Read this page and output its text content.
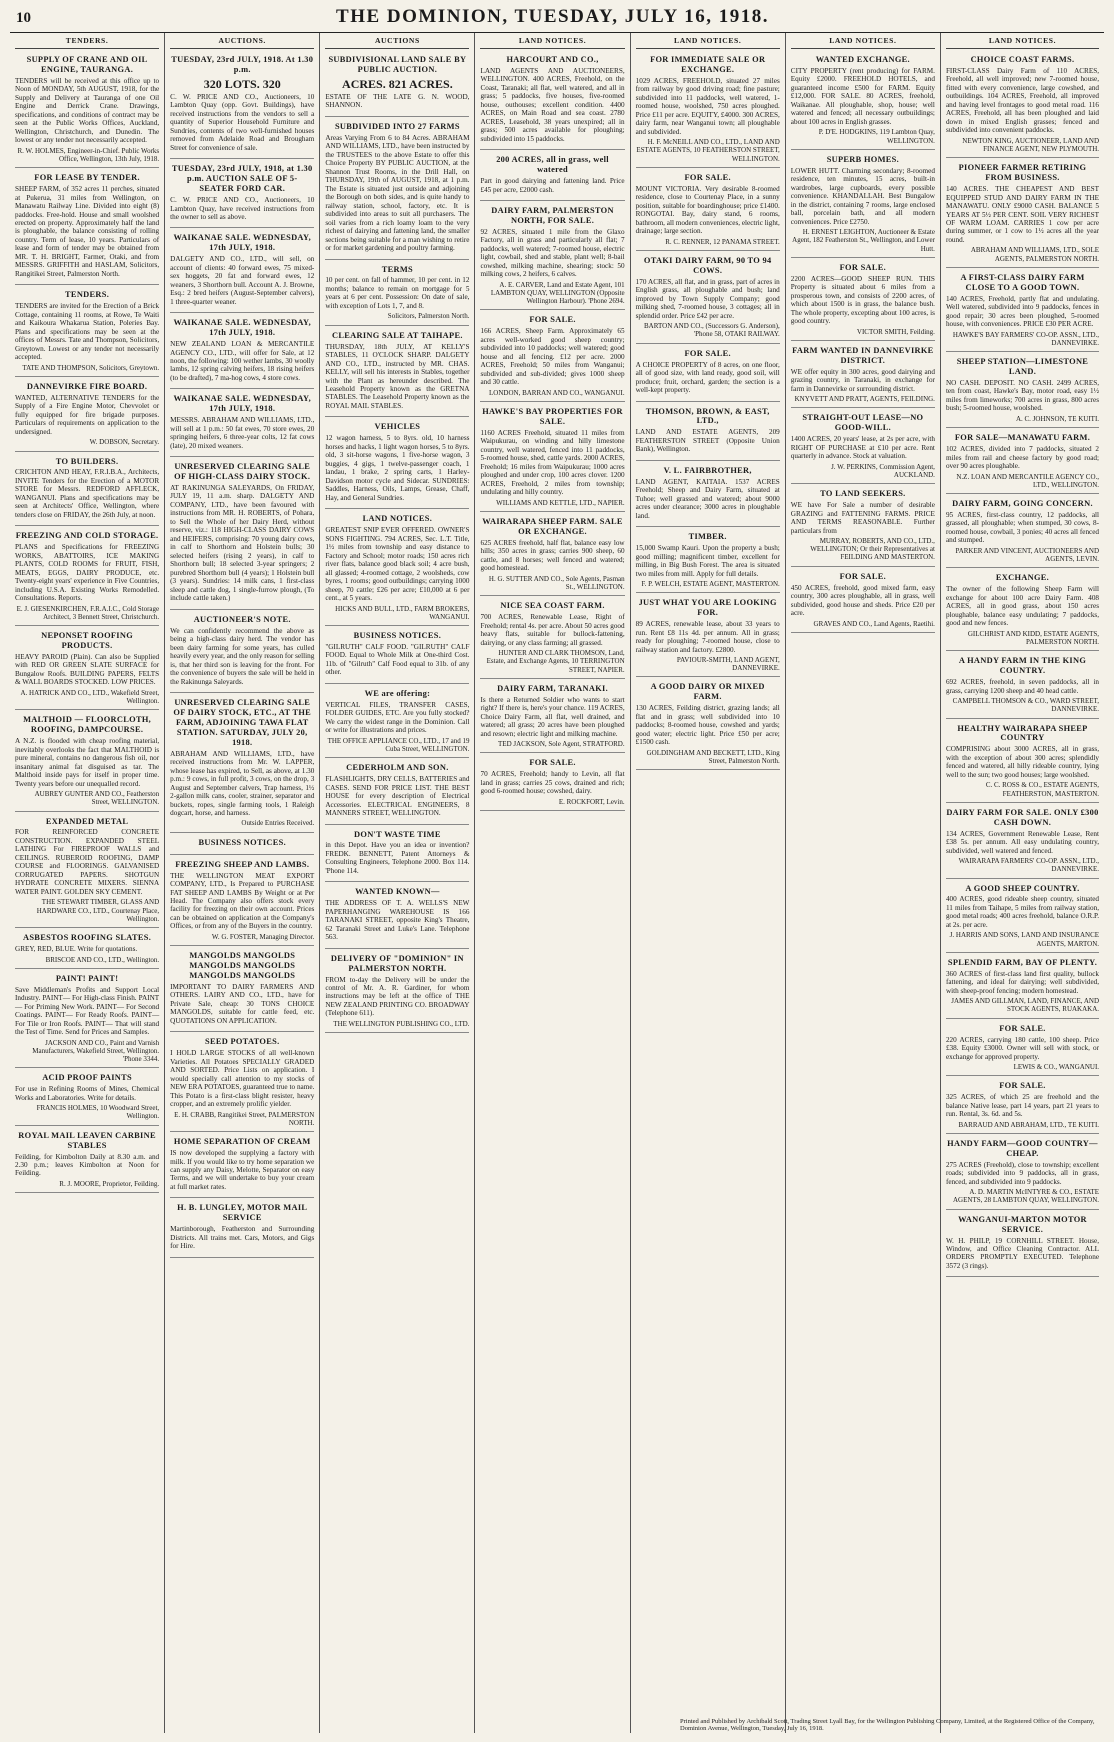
10	THE DOMINION, TUESDAY, JULY 16, 1918.
TENDERS.
SUPPLY OF CRANE AND OIL ENGINE, TAURANGA.

TENDERS will be received at this office up to Noon of MONDAY, 5th AUGUST, 1918, for the Supply and Delivery at Tauranga of one Oil Engine and Derrick Crane. Drawings, specifications, and conditions of contract may be seen at the Public Works Offices, Auckland, Wellington, Christchurch, and Dunedin. The lowest or any tender not necessarily accepted.

R. W. HOLMES, Engineer-in-Chief. Public Works Office, Wellington, 13th July, 1918.
FOR LEASE BY TENDER.

SHEEP FARM, of 352 acres 11 perches, situated at Pukerua, 31 miles from Wellington, on Manawatu Railway Line. Divided into eight (8) paddocks. Free-hold. House and small woolshed erected on property. Approximately half the land is ploughable, the balance consisting of rolling country. Term of lease, 10 years. Particulars of lease and form of tender may be obtained from MR. T. H. BRIGHT, Farmer, Otaki, and from MESSRS. GRIFFITH and HASLAM, Solicitors, Rangitikei Street, Palmerston North.

TENDERS.

TENDERS are invited for the Erection of a Brick Cottage, containing 11 rooms, at Rowe, Te Waiti and Kaikoura Whakarua Station, Poleries Bay. Plans and specifications may be seen at the offices of Messrs. Tate and Thompson, Solicitors, Greytown. Lowest or any tender not necessarily accepted.

TATE AND THOMPSON, Solicitors, Greytown.
DANNEVIRKE FIRE BOARD.

WANTED, ALTERNATIVE TENDERS for the Supply of a Fire Engine Motor, Chevvolet or fully equipped for fire brigade purposes. Particulars of requirements on application to the undersigned.

W. DOBSON, Secretary.
TO BUILDERS.

CRICHTON AND HEAY, F.R.I.B.A., Architects, INVITE Tenders for the Erection of a MOTOR STORE for Messrs. REDFORD AFFLECK, WANGANUI. Plans and specifications may be seen at Architects' Office, Wellington, where tenders close on FRIDAY, the 26th July, at noon.

FREEZING AND COLD STORAGE.

PLANS and Specifications for FREEZING WORKS, ABATTOIRS, ICE MAKING PLANTS, COLD ROOMS for FRUIT, FISH, MEATS, EGGS, DAIRY PRODUCE, etc. Twenty-eight years' experience in Five Countries, including U.S.A. Existing Works Remodelled. Consultations. Reports.

E. J. GIESENKIRCHEN, F.R.A.I.C., Cold Storage Architect, 3 Bennett Street, Christchurch.
NEPONSET ROOFING PRODUCTS.

HEAVY PAROID (Plain). Can also be Supplied with RED OR GREEN SLATE SURFACE for Bungalow Roofs. BUILDING PAPERS, FELTS & WALL BOARDS STOCKED. LOW PRICES.

A. HATRICK AND CO., LTD., Wakefield Street, Wellington.
MALTHOID — FLOORCLOTH, ROOFING, DAMPCOURSE.

A N.Z. is flooded with cheap roofing material, inevitably overlooks the fact that MALTHOID is pure mineral, contains no dangerous fish oil, nor insanitary animal fat disguised as tar. The Malthoid inside pays for itself in proper time. Twenty years before our unequalled record.

AUBREY GUNTER AND CO., Featherston Street, WELLINGTON.
EXPANDED METAL

FOR REINFORCED CONCRETE CONSTRUCTION. EXPANDED STEEL LATHING For FIREPROOF WALLS and CEILINGS. RUBEROID ROOFING, DAMP COURSE and FLOORINGS. GALVANISED CORRUGATED PAPERS. SHOTGUN HYDRATE CONCRETE MIXERS. SIENNA WATER PAINT. GOLDEN SKY CEMENT.

THE STEWART TIMBER, GLASS AND HARDWARE CO., LTD., Courtenay Place, Wellington.
ASBESTOS ROOFING SLATES.

GREY, RED, BLUE. Write for quotations.

BRISCOE AND CO., LTD., Wellington.
PAINT! PAINT!

Save Middleman's Profits and Support Local Industry. PAINT— For High-class Finish. PAINT— For Priming New Work. PAINT— For Second Coatings. PAINT— For Ready Roofs. PAINT— For Tile or Iron Roofs. PAINT— That will stand the Test of Time. Send for Prices and Samples.

JACKSON AND CO., Paint and Varnish Manufacturers, Wakefield Street, Wellington. 'Phone 3344.
ACID PROOF PAINTS

For use in Refining Rooms of Mines, Chemical Works and Laboratories. Write for details.

FRANCIS HOLMES, 10 Woodward Street, Wellington.
ROYAL MAIL LEAVEN CARBINE STABLES

Feilding, for Kimbolton Daily at 8.30 a.m. and 2.30 p.m.; leaves Kimbolton at Noon for Feilding.

R. J. MOORE, Proprietor, Feilding.
AUCTIONS.
TUESDAY, 23rd JULY, 1918. At 1.30 p.m.
320 LOTS. 320

C. W. PRICE AND CO., Auctioneers, 10 Lambton Quay (opp. Govt. Buildings), have received instructions from the vendors to sell a quantity of Superior Household Furniture and Sundries, contents of two well-furnished houses removed from Adelaide Road and Brougham Street for convenience of sale.

TUESDAY, 23rd JULY, 1918, at 1.30 p.m. AUCTION SALE OF 5-SEATER FORD CAR.

C. W. PRICE AND CO., Auctioneers, 10 Lambton Quay, have received instructions from the owner to sell as above.

WAIKANAE SALE. WEDNESDAY, 17th JULY, 1918.

DALGETY AND CO., LTD., will sell, on account of clients: 40 forward ewes, 75 mixed-sex hoggets, 20 fat and forward ewes, 12 weaners, 3 Shorthorn bull. Account A. J. Browne, Esq.: 2 bred heifers (August-September calvers), 1 three-quarter weaner.

WAIKANAE SALE. WEDNESDAY, 17th JULY, 1918.

NEW ZEALAND LOAN & MERCANTILE AGENCY CO., LTD., will offer for Sale, at 12 noon, the following: 100 wether lambs, 30 woolly lambs, 12 spring calving heifers, 18 rising heifers (to be drafted), 7 ma-hog cows, 4 store cows.

WAIKANAE SALE. WEDNESDAY, 17th JULY, 1918.

MESSRS. ABRAHAM AND WILLIAMS, LTD., will sell at 1 p.m.: 50 fat ewes, 70 store ewes, 20 springing heifers, 6 three-year colts, 12 fat cows (late), 20 mixed weaners.

UNRESERVED CLEARING SALE OF HIGH-CLASS DAIRY STOCK.

AT RAKINUNGA SALEYARDS, On FRIDAY, JULY 19, 11 a.m. sharp. DALGETY AND COMPANY, LTD., have been favoured with instructions from MR. H. ROBERTS, of Pohara, to Sell the Whole of her Dairy Herd, without reserve, viz.: 118 HIGH-CLASS DAIRY COWS and HEIFERS, comprising: 70 young dairy cows, in calf to Shorthorn and Holstein bulls; 30 selected heifers (rising 2 years), in calf to Shorthorn bull; 18 selected 3-year springers; 2 purebred Shorthorn bull (4 years); 1 Holstein bull (3 years). Sundries: 14 milk cans, 1 first-class sleep and cattle dog, 1 single-furrow plough, (To include cattle taken.)

AUCTIONEER'S NOTE.

We can confidently recommend the above as being a high-class dairy herd. The vendor has been dairy farming for some years, has culled heavily every year, and the only reason for selling is, that her third son is leaving for the front. For the convenience of buyers the sale will be held in the Rakinunga Saleyards.

UNRESERVED CLEARING SALE OF DAIRY STOCK, ETC., AT THE FARM, ADJOINING TAWA FLAT STATION. SATURDAY, JULY 20, 1918.

ABRAHAM AND WILLIAMS, LTD., have received instructions from Mr. W. LAPPER, whose lease has expired, to Sell, as above, at 1.30 p.m.: 9 cows, in full profit, 3 cows, on the drop, 3 August and September calvers, Trap harness, 1½ 2-gallon milk cans, cooler, strainer, separator and buckets, ropes, single farming tools, 1 Raleigh dogcart, horse, and harness.

Outside Entries Received.
BUSINESS NOTICES.
FREEZING SHEEP AND LAMBS.

THE WELLINGTON MEAT EXPORT COMPANY, LTD., Is Prepared to PURCHASE FAT SHEEP AND LAMBS By Weight or at Per Head. The Company also offers stock every facility for freezing on their own account. Prices can be obtained on application at the Company's Offices, or from any of the Buyers in the country.

W. G. FOSTER, Managing Director.
MANGOLDS MANGOLDS MANGOLDS MANGOLDS MANGOLDS MANGOLDS

IMPORTANT TO DAIRY FARMERS AND OTHERS. LAIRY AND CO., LTD., have for Private Sale, cheap: 30 TONS CHOICE MANGOLDS, suitable for cattle feed, etc. QUOTATIONS ON APPLICATION.

SEED POTATOES.

I HOLD LARGE STOCKS of all well-known Varieties. All Potatoes SPECIALLY GRADED AND SORTED. Price Lists on application. I would specially call attention to my stocks of NEW ERA POTATOES, guaranteed true to name. This Potato is a first-class blight resister, heavy cropper, and an extremely prolific yielder.

E. H. CRABB, Rangitikei Street, PALMERSTON NORTH.
HOME SEPARATION OF CREAM

IS now developed the supplying a factory with milk. If you would like to try home separation we can supply any Daisy, Melotte, Separator on easy Terms, and we will undertake to buy your cream at full market rates.

H. B. LUNGLEY, MOTOR MAIL SERVICE

Martinborough, Featherston and Surrounding Districts. All trains met. Cars, Motors, and Gigs for Hire.

AUCTIONS
SUBDIVISIONAL LAND SALE BY PUBLIC AUCTION.
ACRES. 821 ACRES.

ESTATE OF THE LATE G. N. WOOD, SHANNON.

SUBDIVIDED INTO 27 FARMS

Areas Varying From 6 to 84 Acres. ABRAHAM AND WILLIAMS, LTD., have been instructed by the TRUSTEES to the above Estate to offer this Choice Property BY PUBLIC AUCTION, at the Shannon Trust Rooms, in the Drill Hall, on THURSDAY, 19th of AUGUST, 1918, at 1 p.m. The Estate is situated just outside and adjoining the Borough on both sides, and is quite handy to railway station, school, factory, etc. It is subdivided into areas to suit all purchasers. The soil varies from a rich loamy loam to the very richest of dairying and fattening land, the smaller sections being suitable for a man wishing to retire or for market gardening and poultry farming.

TERMS

10 per cent. on fall of hammer, 10 per cent. in 12 months; balance to remain on mortgage for 5 years at 6 per cent. Possession: On date of sale, with exception of Lots 1, 7, and 8.

Solicitors, Palmerston North.
CLEARING SALE AT TAIHAPE.

THURSDAY, 18th JULY, AT KELLY'S STABLES, 11 O'CLOCK SHARP. DALGETY AND CO., LTD., instructed by MR. CHAS. KELLY, will sell his interests in Stables, together with the Plant as hereunder described. The Leasehold Property known as the GRETNA STABLES. The Leasehold Property known as the ROYAL MAIL STABLES.

VEHICLES

12 wagon harness, 5 to 8yrs. old, 10 harness horses and hacks, 1 light wagon horses, 5 to 8yrs. old, 3 sit-horse wagons, 1 five-horse wagon, 3 buggies, 4 gigs, 1 twelve-passenger coach, 1 landau, 1 brake, 2 spring carts, 1 Harley-Davidson motor cycle and Sidecar. SUNDRIES: Saddles, Harness, Oils, Lamps, Grease, Chaff, Hay, and General Sundries.

LAND NOTICES.

GREATEST SNIP EVER OFFERED. OWNER'S SONS FIGHTING. 794 ACRES, Sec. L.T. Title, 1½ miles from township and easy distance to Factory and School; motor roads; 150 acres rich river flats, balance good black soil; 4 acre bush, all glassed; 4-roomed cottage, 2 woolsheds, cow byres, 1 rooms; good outbuildings; carrying 1000 sheep, 70 cattle; £26 per acre; £10,000 at 6 per cent., at 5 years.

HICKS AND BULL, LTD., FARM BROKERS, WANGANUI.
BUSINESS NOTICES.

"GILRUTH" CALF FOOD. "GILRUTH" CALF FOOD. Equal to Whole Milk at One-third Cost. 11b. of "Gilruth" Calf Food equal to 31b. of any other.

WE are offering:

VERTICAL FILES, TRANSFER CASES, FOLDER GUIDES, ETC. Are you fully stocked? We carry the widest range in the Dominion. Call or write for illustrations and prices.

THE OFFICE APPLIANCE CO., LTD., 17 and 19 Cuba Street, WELLINGTON.
CEDERHOLM AND SON.

FLASHLIGHTS, DRY CELLS, BATTERIES and CASES. SEND FOR PRICE LIST. THE BEST HOUSE for every description of Electrical Accessories. ELECTRICAL ENGINEERS, 8 MANNERS STREET, WELLINGTON.

DON'T WASTE TIME

in this Depot. Have you an idea or invention? FREDK. BENNETT, Patent Attorneys & Consulting Engineers, Telephone 2000. Box 114. 'Phone 114.

WANTED KNOWN—

THE ADDRESS OF T. A. WELLS'S NEW PAPERHANGING WAREHOUSE IS 166 TARANAKI STREET, opposite King's Theatre, 62 Taranaki Street and Luke's Lane. Telephone 563.

DELIVERY OF "DOMINION" IN PALMERSTON NORTH.

FROM to-day the Delivery will be under the control of Mr. A. R. Gardiner, for whom instructions may be left at the office of THE NEW ZEALAND PRINTING CO. BROADWAY (Telephone 611).

THE WELLINGTON PUBLISHING CO., LTD.
LAND NOTICES.
HARCOURT AND CO.,

LAND AGENTS AND AUCTIONEERS, WELLINGTON. 400 ACRES, Freehold, on the Coast, Taranaki; all flat, well watered, and all in grass; 5 paddocks, five houses, five-roomed house, outhouses; excellent condition. 4400 ACRES, on Main Road and sea coast. 2780 ACRES, Leasehold, 38 years unexpired; all in grass; 500 acres available for ploughing; subdivided into 15 paddocks.

200 ACRES, all in grass, well watered

Part in good dairying and fattening land. Price £45 per acre, £2000 cash.

DAIRY FARM, PALMERSTON NORTH, FOR SALE.

92 ACRES, situated 1 mile from the Glaxo Factory, all in grass and particularly all flat; 7 paddocks, well watered; 7-roomed house, electric light, cowbail, shed and stable, plant well; 8-bail cowshed, milking machine, shearing; stock: 50 milking cows, 2 heifers, 6 calves.

A. E. CARVER, Land and Estate Agent, 101 LAMBTON QUAY, WELLINGTON (Opposite Wellington Harbour). 'Phone 2694.
FOR SALE.

166 ACRES, Sheep Farm. Approximately 65 acres well-worked good sheep country; subdivided into 10 paddocks; well watered; good house and all fencing. £12 per acre. 2000 ACRES, Freehold; 50 miles from Wanganui; subdivided and sub-divided; gives 1000 sheep and 30 cattle.

LONDON, BARRAN AND CO., WANGANUI.
HAWKE'S BAY PROPERTIES FOR SALE.

1160 ACRES Freehold, situated 11 miles from Waipukurau, on winding and hilly limestone country, well watered, fenced into 11 paddocks, 5-roomed house, shed, cattle yards. 2000 ACRES, Freehold; 16 miles from Waipukurau; 1000 acres ploughed and under crop, 100 acres clover. 1200 ACRES, Freehold, 2 miles from township; undulating and hilly country.

WILLIAMS AND KETTLE, LTD., NAPIER.
WAIRARAPA SHEEP FARM. SALE OR EXCHANGE.

625 ACRES freehold, half flat, balance easy low hills; 350 acres in grass; carries 900 sheep, 60 cattle, and 8 horses; well fenced and watered; good homestead.

H. G. SUTTER AND CO., Sole Agents, Pasman St., WELLINGTON.
NICE SEA COAST FARM.

700 ACRES, Renewable Lease, Right of Freehold; rental 4s. per acre. About 50 acres good heavy flats, suitable for bullock-fattening, dairying, or any class farming; all grassed.

HUNTER AND CLARK THOMSON, Land, Estate, and Exchange Agents, 10 TERRINGTON STREET, NAPIER.
DAIRY FARM, TARANAKI.

Is there a Returned Soldier who wants to start right? If there is, here's your chance. 119 ACRES, Choice Dairy Farm, all flat, well drained, and watered; all grass; 20 acres have been ploughed and resown; electric light and milking machine.

TED JACKSON, Sole Agent, STRATFORD.
FOR SALE.

70 ACRES, Freehold; handy to Levin, all flat land in grass; carries 25 cows, drained and rich; good 6-roomed house; cowshed, dairy.

E. ROCKFORT, Levin.
LAND NOTICES.
FOR IMMEDIATE SALE OR EXCHANGE.

1029 ACRES, FREEHOLD, situated 27 miles from railway by good driving road; fine pasture; subdivided into 11 paddocks, well watered, 1-roomed house, woolshed, 750 acres ploughed. Price £11 per acre. EQUITY, £4000. 300 ACRES, dairy farm, near Wanganui town; all ploughable and subdivided.

H. F. McNEILL AND CO., LTD., LAND AND ESTATE AGENTS, 10 FEATHERSTON STREET, WELLINGTON.
FOR SALE.

MOUNT VICTORIA. Very desirable 8-roomed residence, close to Courtenay Place, in a sunny position, suitable for boardinghouse; price £1400. RONGOTAI. Bay, dairy stand, 6 rooms, bathroom, all modern conveniences, electric light, drainage; large section.

R. C. RENNER, 12 PANAMA STREET.
OTAKI DAIRY FARM, 90 TO 94 COWS.

170 ACRES, all flat, and in grass, part of acres in English grass, all ploughable and bush; land improved by Town Supply Company; good milking shed, 7-roomed house, 3 cottages; all in splendid order. Price £42 per acre.

BARTON AND CO., (Successors G. Anderson), 'Phone 58, OTAKI RAILWAY.
FOR SALE.

A CHOICE PROPERTY of 8 acres, on one floor, all of good size, with land ready, good soil, will produce; fruit, orchard, garden; the section is a well-kept property.

THOMSON, BROWN, & EAST, LTD.,

LAND AND ESTATE AGENTS, 209 FEATHERSTON STREET (Opposite Union Bank), Wellington.

V. L. FAIRBROTHER,

LAND AGENT, KAITAIA. 1537 ACRES Freehold; Sheep and Dairy Farm, situated at Tuhoe; well grassed and watered; about 9000 acres under clearance; 3000 acres in ploughable land.

TIMBER.

15,000 Swamp Kauri. Upon the property a bush; good milling; magnificent timber, excellent for milling, in Big Bush Forest. The area is situated two miles from mill. Apply for full details.

F. P. WELCH, ESTATE AGENT, MASTERTON.
JUST WHAT YOU ARE LOOKING FOR.

89 ACRES, renewable lease, about 33 years to run. Rent £8 11s 4d. per annum. All in grass; ready for ploughing; 7-roomed house, close to railway station and factory. £2800.

PAVIOUR-SMITH, LAND AGENT, DANNEVIRKE.
A GOOD DAIRY OR MIXED FARM.

130 ACRES, Feilding district, grazing lands; all flat and in grass; well subdivided into 10 paddocks; 8-roomed house, cowshed and yards; good water; electric light. Price £50 per acre; £1500 cash.

GOLDINGHAM AND BECKETT, LTD., King Street, Palmerston North.
LAND NOTICES.
WANTED EXCHANGE.

CITY PROPERTY (rent producing) for FARM. Equity £2000. FREEHOLD HOTELS, and guaranteed income £500 for FARM. Equity £12,000. FOR SALE. 80 ACRES, freehold, Waikanae. All ploughable, shop, house; well watered and fenced; all necessary outbuildings; about 100 acres in English grasses.

P. D'E. HODGKINS, 119 Lambton Quay, WELLINGTON.
SUPERB HOMES.

LOWER HUTT. Charming secondary; 8-roomed residence, ten minutes, 15 acres, built-in wardrobes, large cupboards, every possible convenience. KHANDALLAH. Best Bungalow in the district, containing 7 rooms, large enclosed ball, porcelain bath, and all modern conveniences. Price £2750.

H. ERNEST LEIGHTON, Auctioneer & Estate Agent, 182 Featherston St., Wellington, and Lower Hutt.
FOR SALE.

2200 ACRES—GOOD SHEEP RUN. THIS Property is situated about 6 miles from a prosperous town, and consists of 2200 acres, of which about 1500 is in grass, the balance bush. The whole property, excepting about 100 acres, is good country.

VICTOR SMITH, Feilding.
FARM WANTED IN DANNEVIRKE DISTRICT.

WE offer equity in 300 acres, good dairying and grazing country, in Taranaki, in exchange for farm in Dannevirke or surrounding district.

KNYVETT AND PRATT, AGENTS, FEILDING.
STRAIGHT-OUT LEASE—NO GOOD-WILL.

1400 ACRES, 20 years' lease, at 2s per acre, with RIGHT OF PURCHASE at £10 per acre. Rent quarterly in advance. Stock at valuation.

J. W. PERKINS, Commission Agent, AUCKLAND.
TO LAND SEEKERS.

WE have For Sale a number of desirable GRAZING and FATTENING FARMS. PRICE AND TERMS REASONABLE. Further particulars from

MURRAY, ROBERTS, AND CO., LTD., WELLINGTON; Or their Representatives at FEILDING AND MASTERTON.
FOR SALE.

450 ACRES, freehold, good mixed farm, easy country, 300 acres ploughable, all in grass, well subdivided, good house and sheds. Price £20 per acre.

GRAVES AND CO., Land Agents, Raetihi.
LAND NOTICES.
CHOICE COAST FARMS.

FIRST-CLASS Dairy Farm of 110 ACRES, Freehold, all well improved; new 7-roomed house, fitted with every convenience, large cowshed, and outbuildings. 104 ACRES, Freehold, all improved and having level frontages to good metal road. 116 ACRES, Freehold, all has been ploughed and laid down in mixed English grasses; fenced and subdivided into convenient paddocks.

NEWTON KING, AUCTIONEER, LAND AND FINANCE AGENT, NEW PLYMOUTH.
PIONEER FARMER RETIRING FROM BUSINESS.

140 ACRES. THE CHEAPEST AND BEST EQUIPPED STUD AND DAIRY FARM IN THE MANAWATU. ONLY £9000 CASH. BALANCE 5 YEARS AT 5½ PER CENT. SOIL VERY RICHEST OF WARM LOAM. CARRIES 1 cow per acre during summer, or 1 cow to 1½ acres all the year round.

ABRAHAM AND WILLIAMS, LTD., SOLE AGENTS, PALMERSTON NORTH.
A FIRST-CLASS DAIRY FARM CLOSE TO A GOOD TOWN.

140 ACRES, Freehold, partly flat and undulating. Well watered, subdivided into 9 paddocks, fences in good repair; 30 acres been ploughed, 5-roomed house, with conveniences. PRICE £30 PER ACRE.

HAWKE'S BAY FARMERS' CO-OP. ASSN., LTD., DANNEVIRKE.
SHEEP STATION—LIMESTONE LAND.

NO CASH. DEPOSIT. NO CASH. 2499 ACRES, ten from coast, Hawke's Bay, motor road, easy 1½ miles from limeworks; 700 acres in grass, 800 acres bush; 5-roomed house, woolshed.

A. C. JOHNSON, TE KUITI.
FOR SALE—MANAWATU FARM.

102 ACRES, divided into 7 paddocks, situated 2 miles from rail and cheese factory by good road; over 90 acres ploughable.

N.Z. LOAN AND MERCANTILE AGENCY CO., LTD., WELLINGTON.
DAIRY FARM, GOING CONCERN.

95 ACRES, first-class country, 12 paddocks, all grassed, all ploughable; when stumped, 30 cows, 8-roomed house, cowbail, 3 ponies; 40 acres all fenced and stumped.

PARKER AND VINCENT, AUCTIONEERS AND AGENTS, LEVIN.
EXCHANGE.

The owner of the following Sheep Farm will exchange for about 100 acre Dairy Farm. 408 ACRES, all in good grass, about 150 acres ploughable, balance easy undulating; 7 paddocks, good and new fences.

GILCHRIST AND KIDD, ESTATE AGENTS, PALMERSTON NORTH.
A HANDY FARM IN THE KING COUNTRY.

692 ACRES, freehold, in seven paddocks, all in grass, carrying 1200 sheep and 40 head cattle.

CAMPBELL THOMSON & CO., WARD STREET, DANNEVIRKE.
HEALTHY WAIRARAPA SHEEP COUNTRY

COMPRISING about 3000 ACRES, all in grass, with the exception of about 300 acres; splendidly fenced and watered, all hilly rideable country, lying well to the sun; two good houses; large woolshed.

C. C. ROSS & CO., ESTATE AGENTS, FEATHERSTON, MASTERTON.
DAIRY FARM FOR SALE. ONLY £300 CASH DOWN.

134 ACRES, Government Renewable Lease, Rent £38 5s. per annum. All easy undulating country, subdivided, well watered and fenced.

WAIRARAPA FARMERS' CO-OP. ASSN., LTD., DANNEVIRKE.
A GOOD SHEEP COUNTRY.

400 ACRES, good rideable sheep country, situated 11 miles from Taihape, 5 miles from railway station, good metal roads; 400 acres freehold, balance O.R.P. at 2s. per acre.

J. HARRIS AND SONS, LAND AND INSURANCE AGENTS, MARTON.
SPLENDID FARM, BAY OF PLENTY.

360 ACRES of first-class land first quality, bullock fattening, and ideal for dairying; well subdivided, with sheep-proof fencing; modern homestead.

JAMES AND GILLMAN, LAND, FINANCE, AND STOCK AGENTS, RUAKAKA.
FOR SALE.

220 ACRES, carrying 180 cattle, 100 sheep. Price £38. Equity £3000. Owner will sell with stock, or exchange for approved property.

LEWIS & CO., WANGANUI.
FOR SALE.

325 ACRES, of which 25 are freehold and the balance Native lease, part 14 years, part 21 years to run. Rental, 3s. 6d. and 5s.

BARRAUD AND ABRAHAM, LTD., TE KUITI.
HANDY FARM—GOOD COUNTRY—CHEAP.

275 ACRES (Freehold), close to township; excellent roads; subdivided into 9 paddocks, all in grass, fenced, and subdivided into 9 paddocks.

A. D. MARTIN McINTYRE & CO., ESTATE AGENTS, 28 LAMBTON QUAY, WELLINGTON.
WANGANUI-MARTON MOTOR SERVICE.

W. H. PHILP, 19 CORNHILL STREET. House, Window, and Office Cleaning Contractor. ALL ORDERS PROMPTLY EXECUTED. Telephone 3572 (3 rings).

Printed and Published by Archibald Scott, Trading Street Lyall Bay, for the Wellington Publishing Company, Limited, at the Registered Office of the Company, Dominion Avenue, Wellington, Tuesday, July 16, 1918.
